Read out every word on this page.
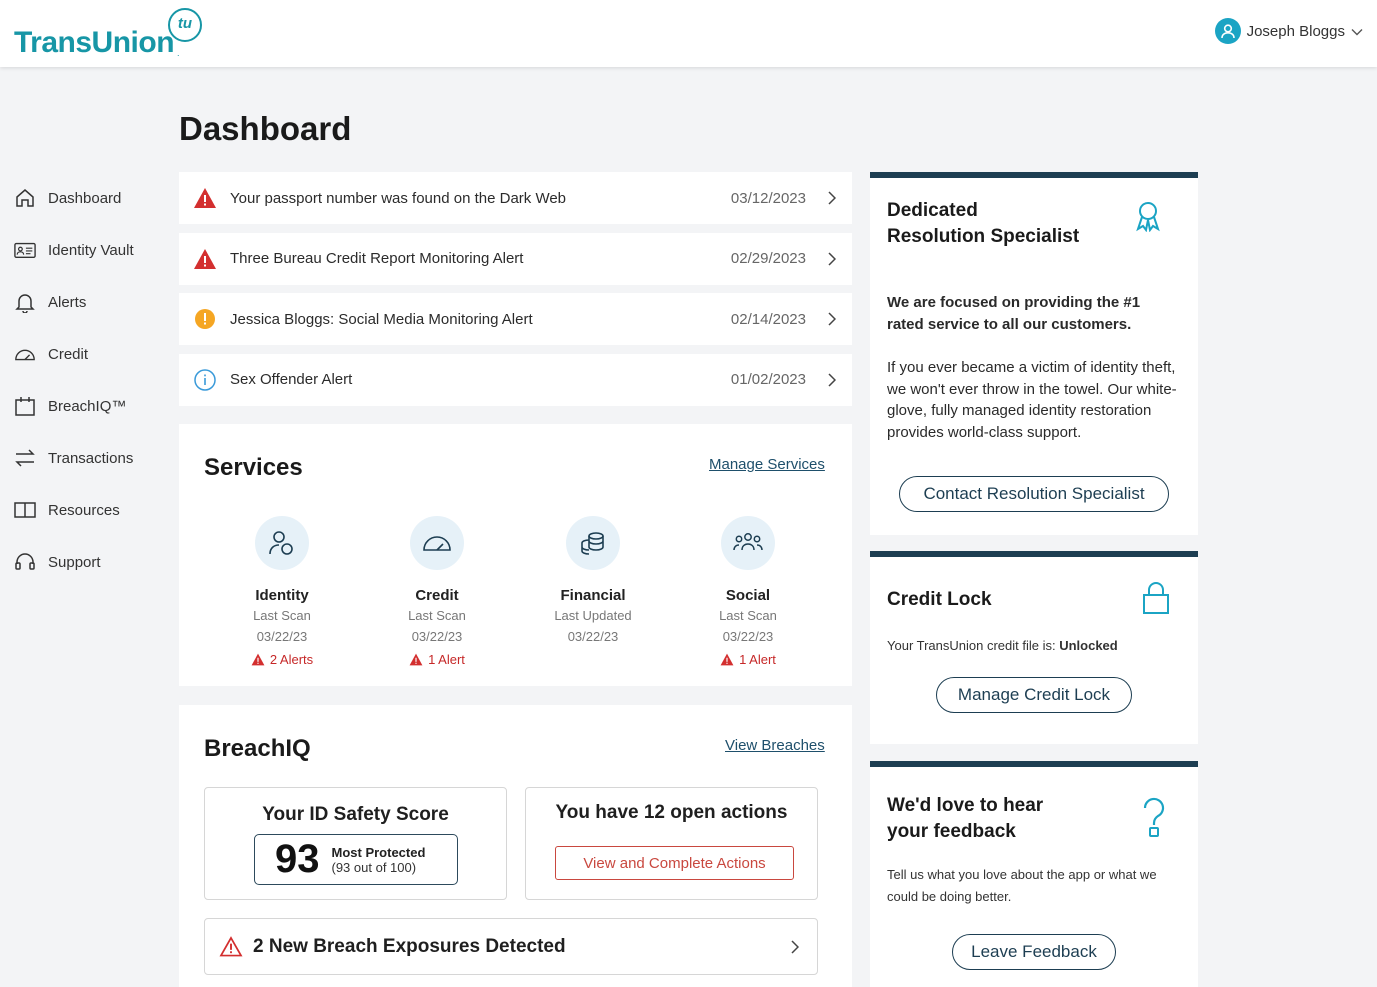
TransUnion
tu
.
Joseph Bloggs
Dashboard
Identity Vault
Alerts
Credit
BreachIQ™
Transactions
Resources
Support
Dashboard
Your passport number was found on the Dark Web	03/12/2023
Three Bureau Credit Report Monitoring Alert	02/29/2023
Jessica Bloggs: Social Media Monitoring Alert	02/14/2023
Sex Offender Alert	01/02/2023
Services	Manage Services
Identity
Last Scan
03/22/23
2 Alerts
Credit
Last Scan
03/22/23
1 Alert
Financial
Last Updated
03/22/23
Social
Last Scan
03/22/23
1 Alert
BreachIQ	View Breaches
Your ID Safety Score
93 Most Protected
(93 out of 100)
You have 12 open actions
View and Complete Actions
2 New Breach Exposures Detected
Dedicated
Resolution Specialist
We are focused on providing the #1 rated service to all our customers.
If you ever became a victim of identity theft, we won't ever throw in the towel. Our white-glove, fully managed identity restoration provides world-class support.
Contact Resolution Specialist
Credit Lock
Your TransUnion credit file is: Unlocked
Manage Credit Lock
We'd love to hear
your feedback
Tell us what you love about the app or what we could be doing better.
Leave Feedback
